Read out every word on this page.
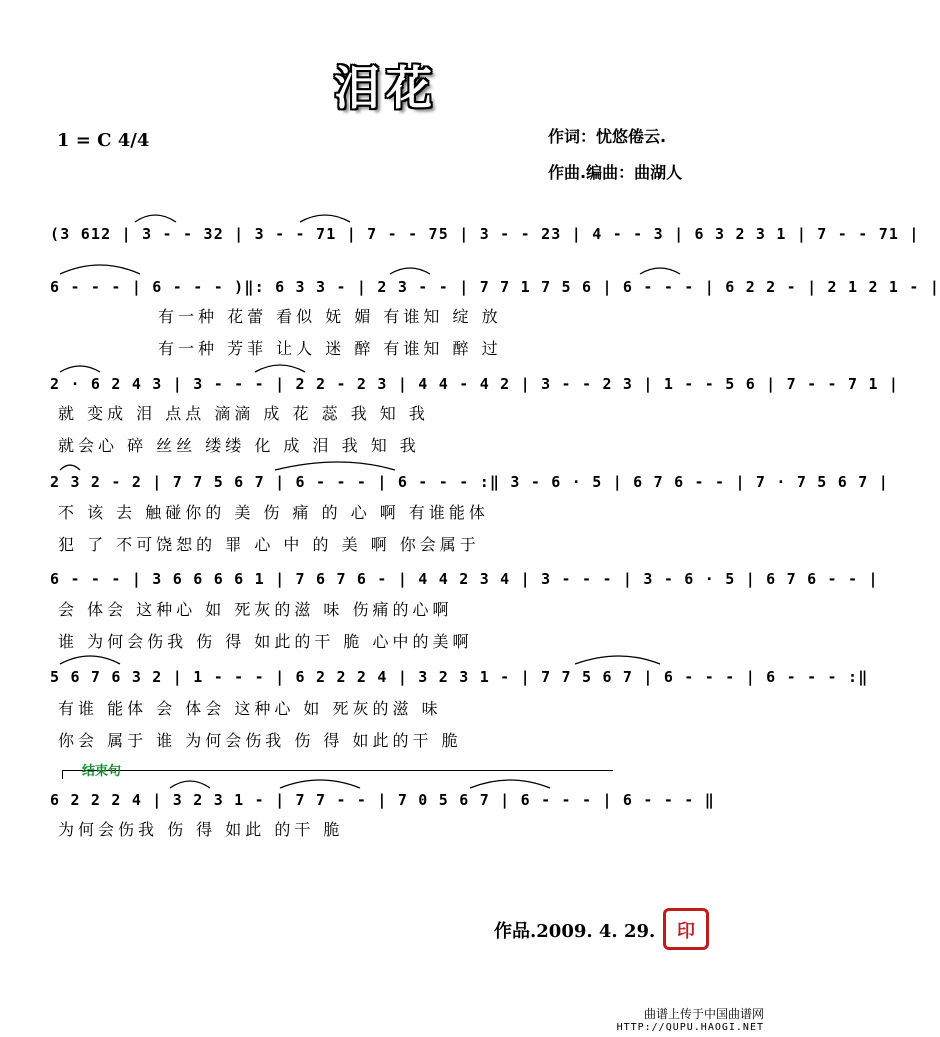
泪花
1 = C 4/4	作词：忧悠倦云.
作曲.编曲：曲湖人
(3 612 | 3 - - 32 | 3 - - 71 | 7 - - 75 | 3 - - 23 | 4 - - 3 | 6 3 2 3 1 | 7 - - 71 |
6 - - - | 6 - - - )‖: 6 3 3 - | 2 3 - - | 7 7 1 7 5 6 | 6 - - - | 6 2 2 - | 2 1 2 1 - |
有一种 花蕾 看似 妩 媚 有谁知 绽 放
有一种 芳菲 让人 迷 醉 有谁知 醉 过
2 · 6 2 4 3 | 3 - - - | 2 2 - 2 3 | 4 4 - 4 2 | 3 - - 2 3 | 1 - - 5 6 | 7 - - 7 1 |
就 变成 泪 点点 滴滴 成 花 蕊 我 知 我
就会心 碎 丝丝 缕缕 化 成 泪 我 知 我
2 3 2 - 2 | 7 7 5 6 7 | 6 - - - | 6 - - - :‖ 3 - 6 · 5 | 6 7 6 - - | 7 · 7 5 6 7 |
不 该 去 触碰你的 美 伤 痛 的 心 啊 有谁能体
犯 了 不可饶恕的 罪 心 中 的 美 啊 你会属于
6 - - - | 3 6 6 6 6 1 | 7 6 7 6 - | 4 4 2 3 4 | 3 - - - | 3 - 6 · 5 | 6 7 6 - - |
会 体会 这种心 如 死灰的滋 味 伤痛的心啊
谁 为何会伤我 伤 得 如此的干 脆 心中的美啊
5 6 7 6 3 2 | 1 - - - | 6 2 2 2 4 | 3 2 3 1 - | 7 7 5 6 7 | 6 - - - | 6 - - - :‖
有谁 能体 会 体会 这种心 如 死灰的滋 味
你会 属于 谁 为何会伤我 伤 得 如此的干 脆
结束句
6 2 2 2 4 | 3 2 3 1 - | 7 7 - - | 7 0 5 6 7 | 6 - - - | 6 - - - ‖
为何会伤我 伤 得 如此 的干 脆
作品.2009. 4. 29.	印
曲谱上传于中国曲谱网
HTTP://QUPU.HAOGI.NET
